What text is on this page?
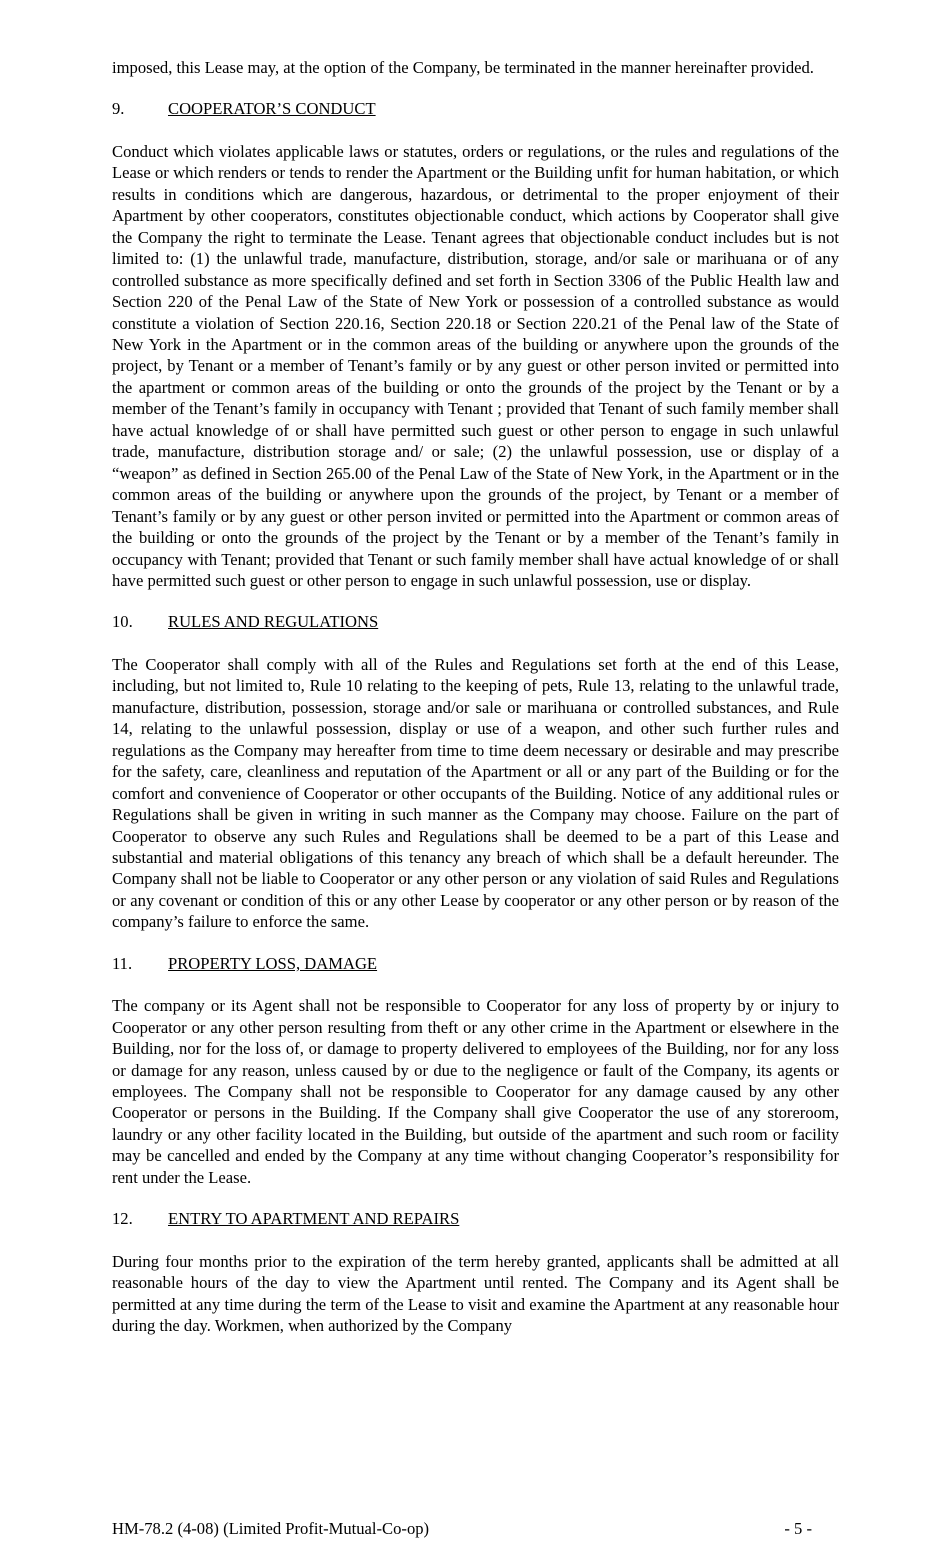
imposed, this Lease may, at the option of the Company, be terminated in the manner hereinafter provided.

9.	COOPERATOR’S CONDUCT

Conduct which violates applicable laws or statutes, orders or regulations, or the rules and regulations of the Lease or which renders or tends to render the Apartment or the Building unfit for human habitation, or which results in conditions which are dangerous, hazardous, or detrimental to the proper enjoyment of their Apartment by other cooperators, constitutes objectionable conduct, which actions by Cooperator shall give the Company the right to terminate the Lease. Tenant agrees that objectionable conduct includes but is not limited to: (1) the unlawful trade, manufacture, distribution, storage, and/or sale or marihuana or of any controlled substance as more specifically defined and set forth in Section 3306 of the Public Health law and Section 220 of the Penal Law of the State of New York or possession of a controlled substance as would constitute a violation of Section 220.16, Section 220.18 or Section 220.21 of the Penal law of the State of New York in the Apartment or in the common areas of the building or anywhere upon the grounds of the project, by Tenant or a member of Tenant’s family or by any guest or other person invited or permitted into the apartment or common areas of the building or onto the grounds of the project by the Tenant or by a member of the Tenant’s family in occupancy with Tenant ; provided that Tenant of such family member shall have actual knowledge of or shall have permitted such guest or other person to engage in such unlawful trade, manufacture, distribution storage and/ or sale; (2) the unlawful possession, use or display of a “weapon” as defined in Section 265.00 of the Penal Law of the State of New York, in the Apartment or in the common areas of the building or anywhere upon the grounds of the project, by Tenant or a member of Tenant’s family or by any guest or other person invited or permitted into the Apartment or common areas of the building or onto the grounds of the project by the Tenant or by a member of the Tenant’s family in occupancy with Tenant; provided that Tenant or such family member shall have actual knowledge of or shall have permitted such guest or other person to engage in such unlawful possession, use or display.

10.	RULES AND REGULATIONS

The Cooperator shall comply with all of the Rules and Regulations set forth at the end of this Lease, including, but not limited to, Rule 10 relating to the keeping of pets, Rule 13, relating to the unlawful trade, manufacture, distribution, possession, storage and/or sale or marihuana or controlled substances, and Rule 14, relating to the unlawful possession, display or use of a weapon, and other such further rules and regulations as the Company may hereafter from time to time deem necessary or desirable and may prescribe for the safety, care, cleanliness and reputation of the Apartment or all or any part of the Building or for the comfort and convenience of Cooperator or other occupants of the Building. Notice of any additional rules or Regulations shall be given in writing in such manner as the Company may choose. Failure on the part of Cooperator to observe any such Rules and Regulations shall be deemed to be a part of this Lease and substantial and material obligations of this tenancy any breach of which shall be a default hereunder. The Company shall not be liable to Cooperator or any other person or any violation of said Rules and Regulations or any covenant or condition of this or any other Lease by cooperator or any other person or by reason of the company’s failure to enforce the same.

11.	PROPERTY LOSS, DAMAGE

The company or its Agent shall not be responsible to Cooperator for any loss of property by or injury to Cooperator or any other person resulting from theft or any other crime in the Apartment or elsewhere in the Building, nor for the loss of, or damage to property delivered to employees of the Building, nor for any loss or damage for any reason, unless caused by or due to the negligence or fault of the Company, its agents or employees. The Company shall not be responsible to Cooperator for any damage caused by any other Cooperator or persons in the Building. If the Company shall give Cooperator the use of any storeroom, laundry or any other facility located in the Building, but outside of the apartment and such room or facility may be cancelled and ended by the Company at any time without changing Cooperator’s responsibility for rent under the Lease.

12.	ENTRY TO APARTMENT AND REPAIRS

During four months prior to the expiration of the term hereby granted, applicants shall be admitted at all reasonable hours of the day to view the Apartment until rented. The Company and its Agent shall be permitted at any time during the term of the Lease to visit and examine the Apartment at any reasonable hour during the day. Workmen, when authorized by the Company

HM-78.2 (4-08) (Limited Profit-Mutual-Co-op)	- 5 -
